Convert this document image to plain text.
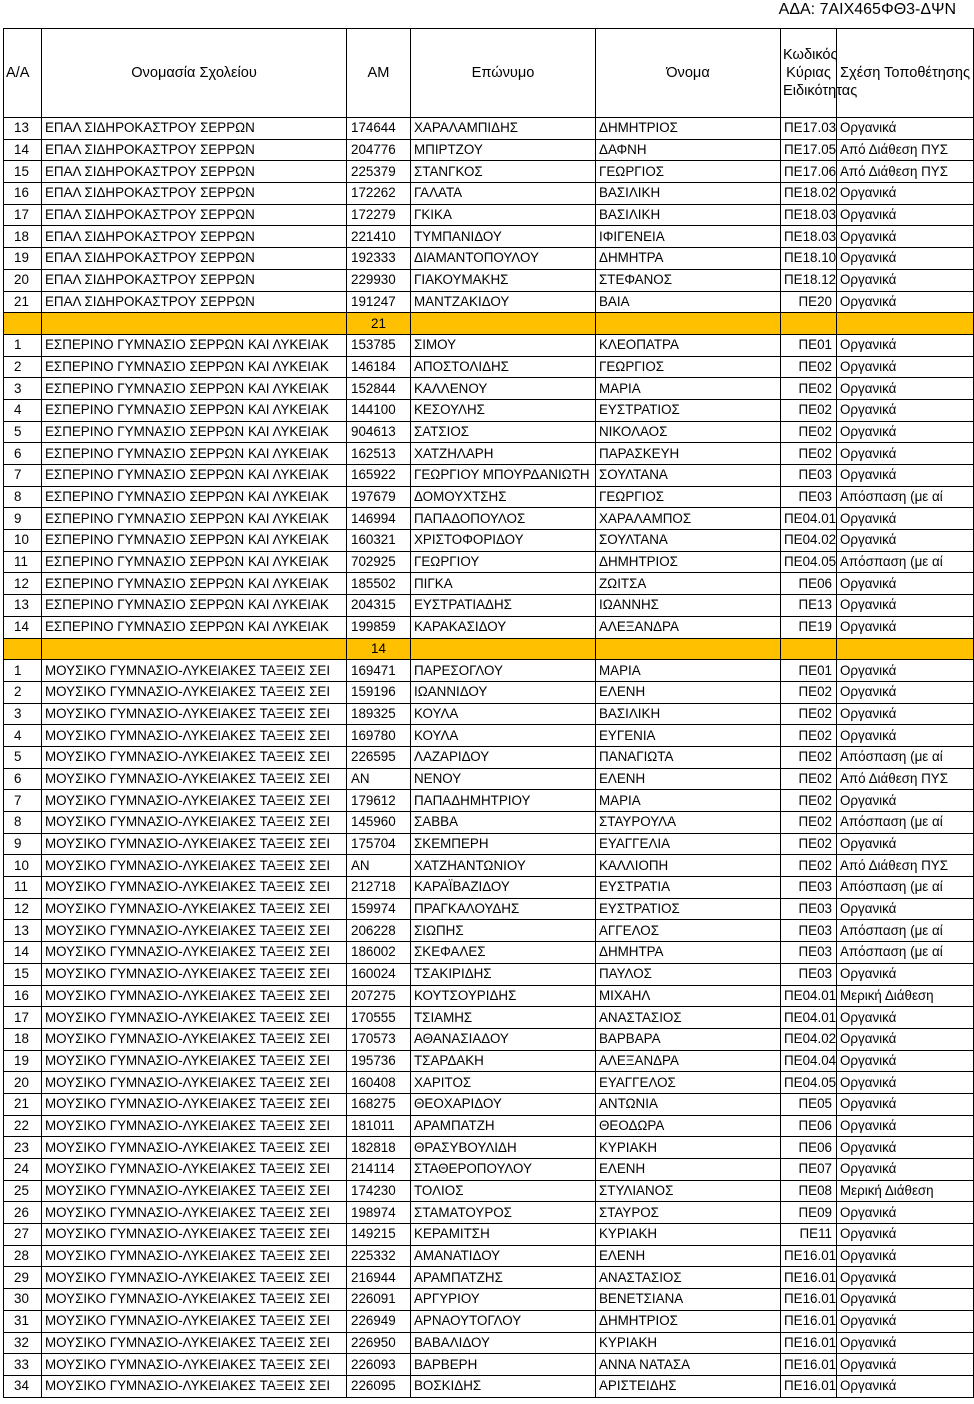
ΑΔΑ: 7ΑΙΧ465ΦΘ3-ΔΨΝ
Α/Α	Ονομασία Σχολείου	ΑΜ	Επώνυμο	Όνομα	Κωδικός Κύριας Ειδικότητας	Σχέση Τοποθέτησης
13	ΕΠΑΛ ΣΙΔΗΡΟΚΑΣΤΡΟΥ ΣΕΡΡΩΝ	174644	ΧΑΡΑΛΑΜΠΙΔΗΣ	ΔΗΜΗΤΡΙΟΣ	ΠΕ17.03	Οργανικά
14	ΕΠΑΛ ΣΙΔΗΡΟΚΑΣΤΡΟΥ ΣΕΡΡΩΝ	204776	ΜΠΙΡΤΖΟΥ	ΔΑΦΝΗ	ΠΕ17.05	Από Διάθεση ΠΥΣ
15	ΕΠΑΛ ΣΙΔΗΡΟΚΑΣΤΡΟΥ ΣΕΡΡΩΝ	225379	ΣΤΑΝΓΚΟΣ	ΓΕΩΡΓΙΟΣ	ΠΕ17.06	Από Διάθεση ΠΥΣ
16	ΕΠΑΛ ΣΙΔΗΡΟΚΑΣΤΡΟΥ ΣΕΡΡΩΝ	172262	ΓΑΛΑΤΑ	ΒΑΣΙΛΙΚΗ	ΠΕ18.02	Οργανικά
17	ΕΠΑΛ ΣΙΔΗΡΟΚΑΣΤΡΟΥ ΣΕΡΡΩΝ	172279	ΓΚΙΚΑ	ΒΑΣΙΛΙΚΗ	ΠΕ18.03	Οργανικά
18	ΕΠΑΛ ΣΙΔΗΡΟΚΑΣΤΡΟΥ ΣΕΡΡΩΝ	221410	ΤΥΜΠΑΝΙΔΟΥ	ΙΦΙΓΕΝΕΙΑ	ΠΕ18.03	Οργανικά
19	ΕΠΑΛ ΣΙΔΗΡΟΚΑΣΤΡΟΥ ΣΕΡΡΩΝ	192333	ΔΙΑΜΑΝΤΟΠΟΥΛΟΥ	ΔΗΜΗΤΡΑ	ΠΕ18.10	Οργανικά
20	ΕΠΑΛ ΣΙΔΗΡΟΚΑΣΤΡΟΥ ΣΕΡΡΩΝ	229930	ΓΙΑΚΟΥΜΑΚΗΣ	ΣΤΕΦΑΝΟΣ	ΠΕ18.12	Οργανικά
21	ΕΠΑΛ ΣΙΔΗΡΟΚΑΣΤΡΟΥ ΣΕΡΡΩΝ	191247	ΜΑΝΤΖΑΚΙΔΟΥ	ΒΑΙΑ	ΠΕ20	Οργανικά
		21				
1	ΕΣΠΕΡΙΝΟ ΓΥΜΝΑΣΙΟ ΣΕΡΡΩΝ ΚΑΙ ΛΥΚΕΙΑΚ	153785	ΣΙΜΟΥ	ΚΛΕΟΠΑΤΡΑ	ΠΕ01	Οργανικά
2	ΕΣΠΕΡΙΝΟ ΓΥΜΝΑΣΙΟ ΣΕΡΡΩΝ ΚΑΙ ΛΥΚΕΙΑΚ	146184	ΑΠΟΣΤΟΛΙΔΗΣ	ΓΕΩΡΓΙΟΣ	ΠΕ02	Οργανικά
3	ΕΣΠΕΡΙΝΟ ΓΥΜΝΑΣΙΟ ΣΕΡΡΩΝ ΚΑΙ ΛΥΚΕΙΑΚ	152844	ΚΑΛΛΕΝΟΥ	ΜΑΡΙΑ	ΠΕ02	Οργανικά
4	ΕΣΠΕΡΙΝΟ ΓΥΜΝΑΣΙΟ ΣΕΡΡΩΝ ΚΑΙ ΛΥΚΕΙΑΚ	144100	ΚΕΣΟΥΛΗΣ	ΕΥΣΤΡΑΤΙΟΣ	ΠΕ02	Οργανικά
5	ΕΣΠΕΡΙΝΟ ΓΥΜΝΑΣΙΟ ΣΕΡΡΩΝ ΚΑΙ ΛΥΚΕΙΑΚ	904613	ΣΑΤΣΙΟΣ	ΝΙΚΟΛΑΟΣ	ΠΕ02	Οργανικά
6	ΕΣΠΕΡΙΝΟ ΓΥΜΝΑΣΙΟ ΣΕΡΡΩΝ ΚΑΙ ΛΥΚΕΙΑΚ	162513	ΧΑΤΖΗΛΑΡΗ	ΠΑΡΑΣΚΕΥΗ	ΠΕ02	Οργανικά
7	ΕΣΠΕΡΙΝΟ ΓΥΜΝΑΣΙΟ ΣΕΡΡΩΝ ΚΑΙ ΛΥΚΕΙΑΚ	165922	ΓΕΩΡΓΙΟΥ ΜΠΟΥΡΔΑΝΙΩΤΗ	ΣΟΥΛΤΑΝΑ	ΠΕ03	Οργανικά
8	ΕΣΠΕΡΙΝΟ ΓΥΜΝΑΣΙΟ ΣΕΡΡΩΝ ΚΑΙ ΛΥΚΕΙΑΚ	197679	ΔΟΜΟΥΧΤΣΗΣ	ΓΕΩΡΓΙΟΣ	ΠΕ03	Απόσπαση (με αί
9	ΕΣΠΕΡΙΝΟ ΓΥΜΝΑΣΙΟ ΣΕΡΡΩΝ ΚΑΙ ΛΥΚΕΙΑΚ	146994	ΠΑΠΑΔΟΠΟΥΛΟΣ	ΧΑΡΑΛΑΜΠΟΣ	ΠΕ04.01	Οργανικά
10	ΕΣΠΕΡΙΝΟ ΓΥΜΝΑΣΙΟ ΣΕΡΡΩΝ ΚΑΙ ΛΥΚΕΙΑΚ	160321	ΧΡΙΣΤΟΦΟΡΙΔΟΥ	ΣΟΥΛΤΑΝΑ	ΠΕ04.02	Οργανικά
11	ΕΣΠΕΡΙΝΟ ΓΥΜΝΑΣΙΟ ΣΕΡΡΩΝ ΚΑΙ ΛΥΚΕΙΑΚ	702925	ΓΕΩΡΓΙΟΥ	ΔΗΜΗΤΡΙΟΣ	ΠΕ04.05	Απόσπαση (με αί
12	ΕΣΠΕΡΙΝΟ ΓΥΜΝΑΣΙΟ ΣΕΡΡΩΝ ΚΑΙ ΛΥΚΕΙΑΚ	185502	ΠΙΓΚΑ	ΖΩΙΤΣΑ	ΠΕ06	Οργανικά
13	ΕΣΠΕΡΙΝΟ ΓΥΜΝΑΣΙΟ ΣΕΡΡΩΝ ΚΑΙ ΛΥΚΕΙΑΚ	204315	ΕΥΣΤΡΑΤΙΑΔΗΣ	ΙΩΑΝΝΗΣ	ΠΕ13	Οργανικά
14	ΕΣΠΕΡΙΝΟ ΓΥΜΝΑΣΙΟ ΣΕΡΡΩΝ ΚΑΙ ΛΥΚΕΙΑΚ	199859	ΚΑΡΑΚΑΣΙΔΟΥ	ΑΛΕΞΑΝΔΡΑ	ΠΕ19	Οργανικά
		14				
1	ΜΟΥΣΙΚΟ ΓΥΜΝΑΣΙΟ-ΛΥΚΕΙΑΚΕΣ ΤΑΞΕΙΣ ΣΕΙ	169471	ΠΑΡΕΣΟΓΛΟΥ	ΜΑΡΙΑ	ΠΕ01	Οργανικά
2	ΜΟΥΣΙΚΟ ΓΥΜΝΑΣΙΟ-ΛΥΚΕΙΑΚΕΣ ΤΑΞΕΙΣ ΣΕΙ	159196	ΙΩΑΝΝΙΔΟΥ	ΕΛΕΝΗ	ΠΕ02	Οργανικά
3	ΜΟΥΣΙΚΟ ΓΥΜΝΑΣΙΟ-ΛΥΚΕΙΑΚΕΣ ΤΑΞΕΙΣ ΣΕΙ	189325	ΚΟΥΛΑ	ΒΑΣΙΛΙΚΗ	ΠΕ02	Οργανικά
4	ΜΟΥΣΙΚΟ ΓΥΜΝΑΣΙΟ-ΛΥΚΕΙΑΚΕΣ ΤΑΞΕΙΣ ΣΕΙ	169780	ΚΟΥΛΑ	ΕΥΓΕΝΙΑ	ΠΕ02	Οργανικά
5	ΜΟΥΣΙΚΟ ΓΥΜΝΑΣΙΟ-ΛΥΚΕΙΑΚΕΣ ΤΑΞΕΙΣ ΣΕΙ	226595	ΛΑΖΑΡΙΔΟΥ	ΠΑΝΑΓΙΩΤΑ	ΠΕ02	Απόσπαση (με αί
6	ΜΟΥΣΙΚΟ ΓΥΜΝΑΣΙΟ-ΛΥΚΕΙΑΚΕΣ ΤΑΞΕΙΣ ΣΕΙ	ΑΝ	ΝΕΝΟΥ	ΕΛΕΝΗ	ΠΕ02	Από Διάθεση ΠΥΣ
7	ΜΟΥΣΙΚΟ ΓΥΜΝΑΣΙΟ-ΛΥΚΕΙΑΚΕΣ ΤΑΞΕΙΣ ΣΕΙ	179612	ΠΑΠΑΔΗΜΗΤΡΙΟΥ	ΜΑΡΙΑ	ΠΕ02	Οργανικά
8	ΜΟΥΣΙΚΟ ΓΥΜΝΑΣΙΟ-ΛΥΚΕΙΑΚΕΣ ΤΑΞΕΙΣ ΣΕΙ	145960	ΣΑΒΒΑ	ΣΤΑΥΡΟΥΛΑ	ΠΕ02	Απόσπαση (με αί
9	ΜΟΥΣΙΚΟ ΓΥΜΝΑΣΙΟ-ΛΥΚΕΙΑΚΕΣ ΤΑΞΕΙΣ ΣΕΙ	175704	ΣΚΕΜΠΕΡΗ	ΕΥΑΓΓΕΛΙΑ	ΠΕ02	Οργανικά
10	ΜΟΥΣΙΚΟ ΓΥΜΝΑΣΙΟ-ΛΥΚΕΙΑΚΕΣ ΤΑΞΕΙΣ ΣΕΙ	ΑΝ	ΧΑΤΖΗΑΝΤΩΝΙΟΥ	ΚΑΛΛΙΟΠΗ	ΠΕ02	Από Διάθεση ΠΥΣ
11	ΜΟΥΣΙΚΟ ΓΥΜΝΑΣΙΟ-ΛΥΚΕΙΑΚΕΣ ΤΑΞΕΙΣ ΣΕΙ	212718	ΚΑΡΑΪΒΑΖΙΔΟΥ	ΕΥΣΤΡΑΤΙΑ	ΠΕ03	Απόσπαση (με αί
12	ΜΟΥΣΙΚΟ ΓΥΜΝΑΣΙΟ-ΛΥΚΕΙΑΚΕΣ ΤΑΞΕΙΣ ΣΕΙ	159974	ΠΡΑΓΚΑΛΟΥΔΗΣ	ΕΥΣΤΡΑΤΙΟΣ	ΠΕ03	Οργανικά
13	ΜΟΥΣΙΚΟ ΓΥΜΝΑΣΙΟ-ΛΥΚΕΙΑΚΕΣ ΤΑΞΕΙΣ ΣΕΙ	206228	ΣΙΩΠΗΣ	ΑΓΓΕΛΟΣ	ΠΕ03	Απόσπαση (με αί
14	ΜΟΥΣΙΚΟ ΓΥΜΝΑΣΙΟ-ΛΥΚΕΙΑΚΕΣ ΤΑΞΕΙΣ ΣΕΙ	186002	ΣΚΕΦΑΛΕΣ	ΔΗΜΗΤΡΑ	ΠΕ03	Απόσπαση (με αί
15	ΜΟΥΣΙΚΟ ΓΥΜΝΑΣΙΟ-ΛΥΚΕΙΑΚΕΣ ΤΑΞΕΙΣ ΣΕΙ	160024	ΤΣΑΚΙΡΙΔΗΣ	ΠΑΥΛΟΣ	ΠΕ03	Οργανικά
16	ΜΟΥΣΙΚΟ ΓΥΜΝΑΣΙΟ-ΛΥΚΕΙΑΚΕΣ ΤΑΞΕΙΣ ΣΕΙ	207275	ΚΟΥΤΣΟΥΡΙΔΗΣ	ΜΙΧΑΗΛ	ΠΕ04.01	Μερική Διάθεση
17	ΜΟΥΣΙΚΟ ΓΥΜΝΑΣΙΟ-ΛΥΚΕΙΑΚΕΣ ΤΑΞΕΙΣ ΣΕΙ	170555	ΤΣΙΑΜΗΣ	ΑΝΑΣΤΑΣΙΟΣ	ΠΕ04.01	Οργανικά
18	ΜΟΥΣΙΚΟ ΓΥΜΝΑΣΙΟ-ΛΥΚΕΙΑΚΕΣ ΤΑΞΕΙΣ ΣΕΙ	170573	ΑΘΑΝΑΣΙΑΔΟΥ	ΒΑΡΒΑΡΑ	ΠΕ04.02	Οργανικά
19	ΜΟΥΣΙΚΟ ΓΥΜΝΑΣΙΟ-ΛΥΚΕΙΑΚΕΣ ΤΑΞΕΙΣ ΣΕΙ	195736	ΤΣΑΡΔΑΚΗ	ΑΛΕΞΑΝΔΡΑ	ΠΕ04.04	Οργανικά
20	ΜΟΥΣΙΚΟ ΓΥΜΝΑΣΙΟ-ΛΥΚΕΙΑΚΕΣ ΤΑΞΕΙΣ ΣΕΙ	160408	ΧΑΡΙΤΟΣ	ΕΥΑΓΓΕΛΟΣ	ΠΕ04.05	Οργανικά
21	ΜΟΥΣΙΚΟ ΓΥΜΝΑΣΙΟ-ΛΥΚΕΙΑΚΕΣ ΤΑΞΕΙΣ ΣΕΙ	168275	ΘΕΟΧΑΡΙΔΟΥ	ΑΝΤΩΝΙΑ	ΠΕ05	Οργανικά
22	ΜΟΥΣΙΚΟ ΓΥΜΝΑΣΙΟ-ΛΥΚΕΙΑΚΕΣ ΤΑΞΕΙΣ ΣΕΙ	181011	ΑΡΑΜΠΑΤΖΗ	ΘΕΟΔΩΡΑ	ΠΕ06	Οργανικά
23	ΜΟΥΣΙΚΟ ΓΥΜΝΑΣΙΟ-ΛΥΚΕΙΑΚΕΣ ΤΑΞΕΙΣ ΣΕΙ	182818	ΘΡΑΣΥΒΟΥΛΙΔΗ	ΚΥΡΙΑΚΗ	ΠΕ06	Οργανικά
24	ΜΟΥΣΙΚΟ ΓΥΜΝΑΣΙΟ-ΛΥΚΕΙΑΚΕΣ ΤΑΞΕΙΣ ΣΕΙ	214114	ΣΤΑΘΕΡΟΠΟΥΛΟΥ	ΕΛΕΝΗ	ΠΕ07	Οργανικά
25	ΜΟΥΣΙΚΟ ΓΥΜΝΑΣΙΟ-ΛΥΚΕΙΑΚΕΣ ΤΑΞΕΙΣ ΣΕΙ	174230	ΤΟΛΙΟΣ	ΣΤΥΛΙΑΝΟΣ	ΠΕ08	Μερική Διάθεση
26	ΜΟΥΣΙΚΟ ΓΥΜΝΑΣΙΟ-ΛΥΚΕΙΑΚΕΣ ΤΑΞΕΙΣ ΣΕΙ	198974	ΣΤΑΜΑΤΟΥΡΟΣ	ΣΤΑΥΡΟΣ	ΠΕ09	Οργανικά
27	ΜΟΥΣΙΚΟ ΓΥΜΝΑΣΙΟ-ΛΥΚΕΙΑΚΕΣ ΤΑΞΕΙΣ ΣΕΙ	149215	ΚΕΡΑΜΙΤΣΗ	ΚΥΡΙΑΚΗ	ΠΕ11	Οργανικά
28	ΜΟΥΣΙΚΟ ΓΥΜΝΑΣΙΟ-ΛΥΚΕΙΑΚΕΣ ΤΑΞΕΙΣ ΣΕΙ	225332	ΑΜΑΝΑΤΙΔΟΥ	ΕΛΕΝΗ	ΠΕ16.01	Οργανικά
29	ΜΟΥΣΙΚΟ ΓΥΜΝΑΣΙΟ-ΛΥΚΕΙΑΚΕΣ ΤΑΞΕΙΣ ΣΕΙ	216944	ΑΡΑΜΠΑΤΖΗΣ	ΑΝΑΣΤΑΣΙΟΣ	ΠΕ16.01	Οργανικά
30	ΜΟΥΣΙΚΟ ΓΥΜΝΑΣΙΟ-ΛΥΚΕΙΑΚΕΣ ΤΑΞΕΙΣ ΣΕΙ	226091	ΑΡΓΥΡΙΟΥ	ΒΕΝΕΤΣΙΑΝΑ	ΠΕ16.01	Οργανικά
31	ΜΟΥΣΙΚΟ ΓΥΜΝΑΣΙΟ-ΛΥΚΕΙΑΚΕΣ ΤΑΞΕΙΣ ΣΕΙ	226949	ΑΡΝΑΟΥΤΟΓΛΟΥ	ΔΗΜΗΤΡΙΟΣ	ΠΕ16.01	Οργανικά
32	ΜΟΥΣΙΚΟ ΓΥΜΝΑΣΙΟ-ΛΥΚΕΙΑΚΕΣ ΤΑΞΕΙΣ ΣΕΙ	226950	ΒΑΒΑΛΙΔΟΥ	ΚΥΡΙΑΚΗ	ΠΕ16.01	Οργανικά
33	ΜΟΥΣΙΚΟ ΓΥΜΝΑΣΙΟ-ΛΥΚΕΙΑΚΕΣ ΤΑΞΕΙΣ ΣΕΙ	226093	ΒΑΡΒΕΡΗ	ΑΝΝΑ ΝΑΤΑΣΑ	ΠΕ16.01	Οργανικά
34	ΜΟΥΣΙΚΟ ΓΥΜΝΑΣΙΟ-ΛΥΚΕΙΑΚΕΣ ΤΑΞΕΙΣ ΣΕΙ	226095	ΒΟΣΚΙΔΗΣ	ΑΡΙΣΤΕΙΔΗΣ	ΠΕ16.01	Οργανικά
